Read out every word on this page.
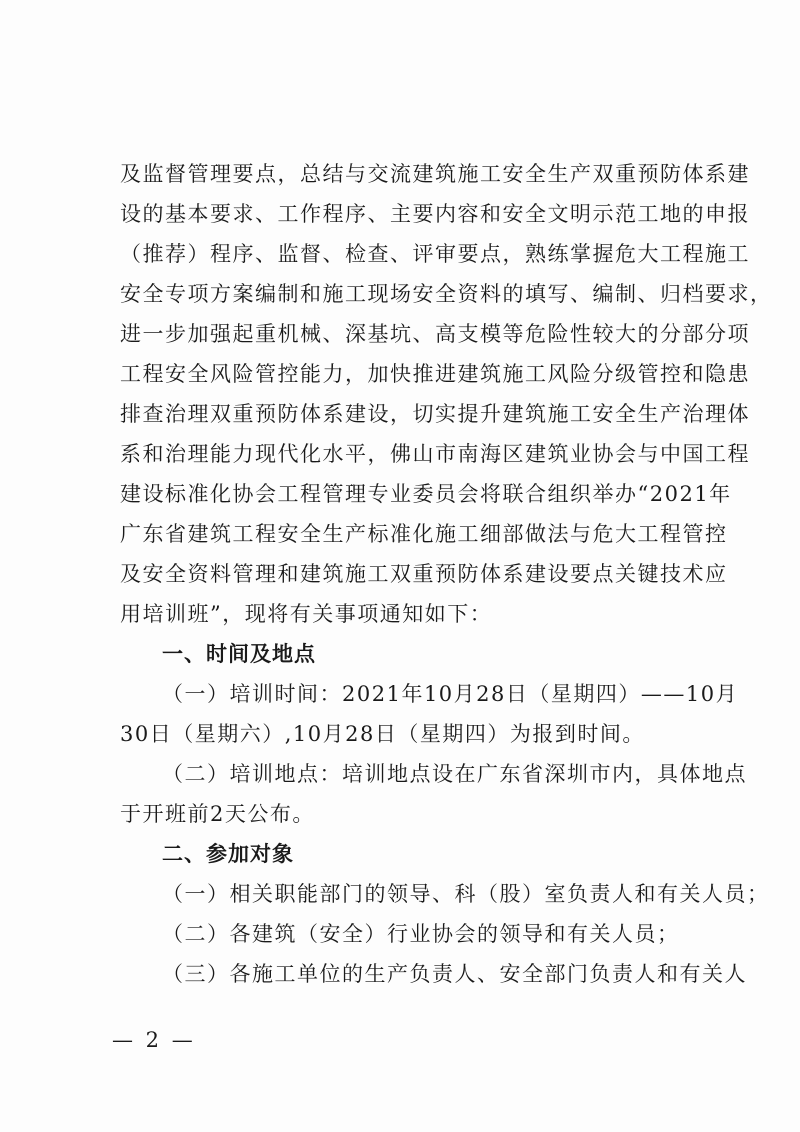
及监督管理要点，总结与交流建筑施工安全生产双重预防体系建
设的基本要求、工作程序、主要内容和安全文明示范工地的申报
（推荐）程序、监督、检查、评审要点，熟练掌握危大工程施工
安全专项方案编制和施工现场安全资料的填写、编制、归档要求，
进一步加强起重机械、深基坑、高支模等危险性较大的分部分项
工程安全风险管控能力，加快推进建筑施工风险分级管控和隐患
排查治理双重预防体系建设，切实提升建筑施工安全生产治理体
系和治理能力现代化水平，佛山市南海区建筑业协会与中国工程
建设标准化协会工程管理专业委员会将联合组织举办“2021年
广东省建筑工程安全生产标准化施工细部做法与危大工程管控
及安全资料管理和建筑施工双重预防体系建设要点关键技术应
用培训班”，现将有关事项通知如下：
一、时间及地点
（一）培训时间：2021年10月28日（星期四）——10月
30日（星期六）,10月28日（星期四）为报到时间。
（二）培训地点：培训地点设在广东省深圳市内，具体地点
于开班前2天公布。
二、参加对象
（一）相关职能部门的领导、科（股）室负责人和有关人员；
（二）各建筑（安全）行业协会的领导和有关人员；
（三）各施工单位的生产负责人、安全部门负责人和有关人
— 2 —
